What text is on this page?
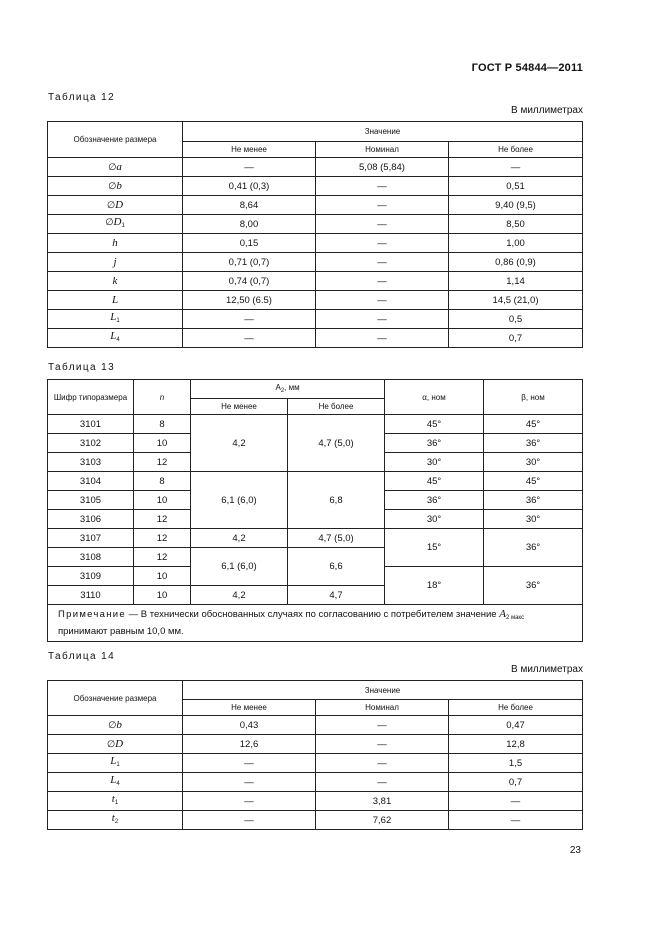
ГОСТ Р 54844—2011
Таблица 12
В миллиметрах
Обозначение размера	Значение		
	Не менее	Номинал	Не более
∅a	—	5,08 (5,84)	—
∅b	0,41 (0,3)	—	0,51
∅D	8,64	—	9,40 (9,5)
$\emptyset D_1$	8,00	—	8,50
h	0,15	—	1,00
j	0,71 (0,7)	—	0,86 (0,9)
k	0,74 (0,7)	—	1,14
L	12,50 (6.5)	—	14,5 (21,0)
$L_1$	—	—	0,5
$L_4$	—	—	0,7
Таблица 13
Шифр типоразмера	n	$A_2$, мм		α, ном	β, ном
		Не менее	Не более		
3101	8	4,2	4,7 (5,0)	45°	45°
3102	10			36°	36°
3103	12			30°	30°
3104	8	6,1 (6,0)	6,8	45°	45°
3105	10			36°	36°
3106	12			30°	30°
3107	12	4,2	4,7 (5,0)	15°	36°
3108	12	6,1 (6,0)	6,6		
3109	10			18°	36°
3110	10	4,2	4,7		
Примечание — В технически обоснованных случаях по согласованию с потребителем значение $A_{2 макс}$
принимают равным 10,0 мм.					
Таблица 14
В миллиметрах
Обозначение размера	Значение		
	Не менее	Номинал	Не более
∅b	0,43	—	0,47
∅D	12,6	—	12,8
$L_1$	—	—	1,5
$L_4$	—	—	0,7
$t_1$	—	3,81	—
$t_2$	—	7,62	—
23
